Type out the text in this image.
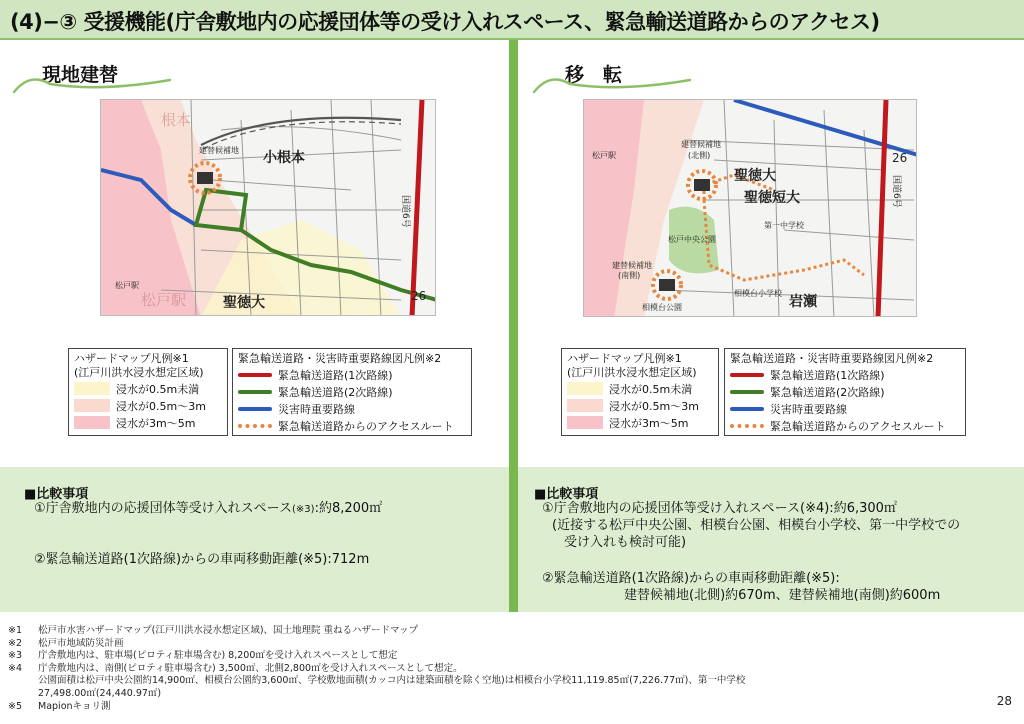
(4)−③ 受援機能(庁舎敷地内の応援団体等の受け入れスペース、緊急輸送道路からのアクセス)
現地建替
小根本
聖徳大
建替候補地
松戸駅
根本
松戸駅	26
国道6号
ハザードマップ凡例※1
(江戸川洪水浸水想定区域)
浸水が0.5m未満
浸水が0.5m〜3m
浸水が3m〜5m
緊急輸送道路・災害時重要路線図凡例※2
緊急輸送道路(1次路線)
緊急輸送道路(2次路線)
災害時重要路線
緊急輸送道路からのアクセスルート
■比較事項
①庁舎敷地内の応援団体等受け入れスペース(※3):約8,200㎡
②緊急輸送道路(1次路線)からの車両移動距離(※5):712m
移　転
聖徳大
聖徳短大
第一中学校
松戸中央公園
相模台小学校
相模台公園	岩瀬
建替候補地
(北側)
建替候補地
(南側)
松戸駅	26
国道6号
ハザードマップ凡例※1
(江戸川洪水浸水想定区域)
浸水が0.5m未満
浸水が0.5m〜3m
浸水が3m〜5m
緊急輸送道路・災害時重要路線図凡例※2
緊急輸送道路(1次路線)
緊急輸送道路(2次路線)
災害時重要路線
緊急輸送道路からのアクセスルート
■比較事項
①庁舎敷地内の応援団体等受け入れスペース(※4):約6,300㎡
(近接する松戸中央公園、相模台公園、相模台小学校、第一中学校での
受け入れも検討可能)
②緊急輸送道路(1次路線)からの車両移動距離(※5):
建替候補地(北側)約670m、建替候補地(南側)約600m
※1	松戸市水害ハザードマップ(江戸川洪水浸水想定区域)、国土地理院 重ねるハザードマップ
※2	松戸市地域防災計画
※3	庁舎敷地内は、駐車場(ピロティ駐車場含む) 8,200㎡を受け入れスペースとして想定
※4	庁舎敷地内は、南側(ピロティ駐車場含む) 3,500㎡、北側2,800㎡を受け入れスペースとして想定。
公園面積は松戸中央公園約14,900㎡、相模台公園約3,600㎡、学校敷地面積(カッコ内は建築面積を除く空地)は相模台小学校11,119.85㎡(7,226.77㎡)、第一中学校
27,498.00㎡(24,440.97㎡)
※5	Mapionキョリ測	28
